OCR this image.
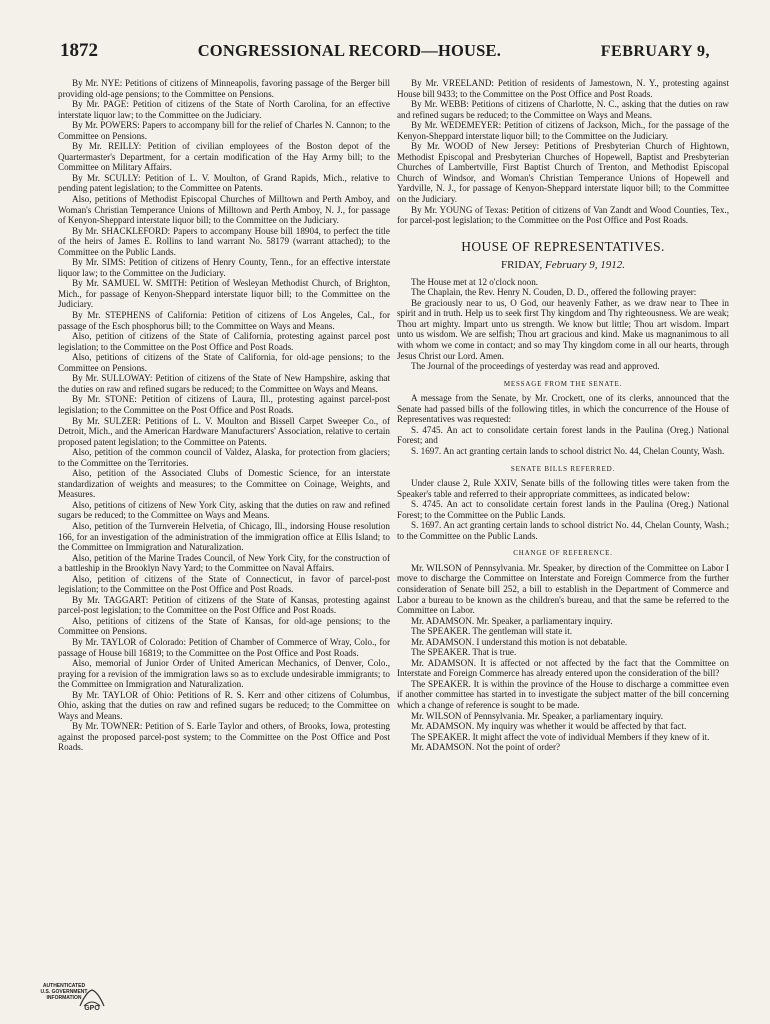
1872	CONGRESSIONAL RECORD—HOUSE.	FEBRUARY 9,

By Mr. NYE: Petitions of citizens of Minneapolis, favoring passage of the Berger bill providing old-age pensions; to the Committee on Pensions.

By Mr. PAGE: Petition of citizens of the State of North Carolina, for an effective interstate liquor law; to the Committee on the Judiciary.

By Mr. POWERS: Papers to accompany bill for the relief of Charles N. Cannon; to the Committee on Pensions.

By Mr. REILLY: Petition of civilian employees of the Boston depot of the Quartermaster's Department, for a certain modification of the Hay Army bill; to the Committee on Military Affairs.

By Mr. SCULLY: Petition of L. V. Moulton, of Grand Rapids, Mich., relative to pending patent legislation; to the Committee on Patents.

Also, petitions of Methodist Episcopal Churches of Milltown and Perth Amboy, and Woman's Christian Temperance Unions of Milltown and Perth Amboy, N. J., for passage of Kenyon-Sheppard interstate liquor bill; to the Committee on the Judiciary.

By Mr. SHACKLEFORD: Papers to accompany House bill 18904, to perfect the title of the heirs of James E. Rollins to land warrant No. 58179 (warrant attached); to the Committee on the Public Lands.

By Mr. SIMS: Petition of citizens of Henry County, Tenn., for an effective interstate liquor law; to the Committee on the Judiciary.

By Mr. SAMUEL W. SMITH: Petition of Wesleyan Methodist Church, of Brighton, Mich., for passage of Kenyon-Sheppard interstate liquor bill; to the Committee on the Judiciary.

By Mr. STEPHENS of California: Petition of citizens of Los Angeles, Cal., for passage of the Esch phosphorus bill; to the Committee on Ways and Means.

Also, petition of citizens of the State of California, protesting against parcel post legislation; to the Committee on the Post Office and Post Roads.

Also, petitions of citizens of the State of California, for old-age pensions; to the Committee on Pensions.

By Mr. SULLOWAY: Petition of citizens of the State of New Hampshire, asking that the duties on raw and refined sugars be reduced; to the Committee on Ways and Means.

By Mr. STONE: Petition of citizens of Laura, Ill., protesting against parcel-post legislation; to the Committee on the Post Office and Post Roads.

By Mr. SULZER: Petitions of L. V. Moulton and Bissell Carpet Sweeper Co., of Detroit, Mich., and the American Hardware Manufacturers' Association, relative to certain proposed patent legislation; to the Committee on Patents.

Also, petition of the common council of Valdez, Alaska, for protection from glaciers; to the Committee on the Territories.

Also, petition of the Associated Clubs of Domestic Science, for an interstate standardization of weights and measures; to the Committee on Coinage, Weights, and Measures.

Also, petitions of citizens of New York City, asking that the duties on raw and refined sugars be reduced; to the Committee on Ways and Means.

Also, petition of the Turnverein Helvetia, of Chicago, Ill., indorsing House resolution 166, for an investigation of the administration of the immigration office at Ellis Island; to the Committee on Immigration and Naturalization.

Also, petition of the Marine Trades Council, of New York City, for the construction of a battleship in the Brooklyn Navy Yard; to the Committee on Naval Affairs.

Also, petition of citizens of the State of Connecticut, in favor of parcel-post legislation; to the Committee on the Post Office and Post Roads.

By Mr. TAGGART: Petition of citizens of the State of Kansas, protesting against parcel-post legislation; to the Committee on the Post Office and Post Roads.

Also, petitions of citizens of the State of Kansas, for old-age pensions; to the Committee on Pensions.

By Mr. TAYLOR of Colorado: Petition of Chamber of Commerce of Wray, Colo., for passage of House bill 16819; to the Committee on the Post Office and Post Roads.

Also, memorial of Junior Order of United American Mechanics, of Denver, Colo., praying for a revision of the immigration laws so as to exclude undesirable immigrants; to the Committee on Immigration and Naturalization.

By Mr. TAYLOR of Ohio: Petitions of R. S. Kerr and other citizens of Columbus, Ohio, asking that the duties on raw and refined sugars be reduced; to the Committee on Ways and Means.

By Mr. TOWNER: Petition of S. Earle Taylor and others, of Brooks, Iowa, protesting against the proposed parcel-post system; to the Committee on the Post Office and Post Roads.

By Mr. VREELAND: Petition of residents of Jamestown, N. Y., protesting against House bill 9433; to the Committee on the Post Office and Post Roads.

By Mr. WEBB: Petitions of citizens of Charlotte, N. C., asking that the duties on raw and refined sugars be reduced; to the Committee on Ways and Means.

By Mr. WEDEMEYER: Petition of citizens of Jackson, Mich., for the passage of the Kenyon-Sheppard interstate liquor bill; to the Committee on the Judiciary.

By Mr. WOOD of New Jersey: Petitions of Presbyterian Church of Hightown, Methodist Episcopal and Presbyterian Churches of Hopewell, Baptist and Presbyterian Churches of Lambertville, First Baptist Church of Trenton, and Methodist Episcopal Church of Windsor, and Woman's Christian Temperance Unions of Hopewell and Yardville, N. J., for passage of Kenyon-Sheppard interstate liquor bill; to the Committee on the Judiciary.

By Mr. YOUNG of Texas: Petition of citizens of Van Zandt and Wood Counties, Tex., for parcel-post legislation; to the Committee on the Post Office and Post Roads.

HOUSE OF REPRESENTATIVES.
FRIDAY, February 9, 1912.

The House met at 12 o'clock noon.

The Chaplain, the Rev. Henry N. Couden, D. D., offered the following prayer:

Be graciously near to us, O God, our heavenly Father, as we draw near to Thee in spirit and in truth. Help us to seek first Thy kingdom and Thy righteousness. We are weak; Thou art mighty. Impart unto us strength. We know but little; Thou art wisdom. Impart unto us wisdom. We are selfish; Thou art gracious and kind. Make us magnanimous to all with whom we come in contact; and so may Thy kingdom come in all our hearts, through Jesus Christ our Lord. Amen.

The Journal of the proceedings of yesterday was read and approved.

MESSAGE FROM THE SENATE.

A message from the Senate, by Mr. Crockett, one of its clerks, announced that the Senate had passed bills of the following titles, in which the concurrence of the House of Representatives was requested:

S. 4745. An act to consolidate certain forest lands in the Paulina (Oreg.) National Forest; and

S. 1697. An act granting certain lands to school district No. 44, Chelan County, Wash.

SENATE BILLS REFERRED.

Under clause 2, Rule XXIV, Senate bills of the following titles were taken from the Speaker's table and referred to their appropriate committees, as indicated below:

S. 4745. An act to consolidate certain forest lands in the Paulina (Oreg.) National Forest; to the Committee on the Public Lands.

S. 1697. An act granting certain lands to school district No. 44, Chelan County, Wash.; to the Committee on the Public Lands.

CHANGE OF REFERENCE.

Mr. WILSON of Pennsylvania. Mr. Speaker, by direction of the Committee on Labor I move to discharge the Committee on Interstate and Foreign Commerce from the further consideration of Senate bill 252, a bill to establish in the Department of Commerce and Labor a bureau to be known as the children's bureau, and that the same be referred to the Committee on Labor.

Mr. ADAMSON. Mr. Speaker, a parliamentary inquiry.

The SPEAKER. The gentleman will state it.

Mr. ADAMSON. I understand this motion is not debatable.

The SPEAKER. That is true.

Mr. ADAMSON. It is affected or not affected by the fact that the Committee on Interstate and Foreign Commerce has already entered upon the consideration of the bill?

The SPEAKER. It is within the province of the House to discharge a committee even if another committee has started in to investigate the subject matter of the bill concerning which a change of reference is sought to be made.

Mr. WILSON of Pennsylvania. Mr. Speaker, a parliamentary inquiry.

Mr. ADAMSON. My inquiry was whether it would be affected by that fact.

The SPEAKER. It might affect the vote of individual Members if they knew of it.

Mr. ADAMSON. Not the point of order?

AUTHENTICATED
U.S. GOVERNMENT
INFORMATION
GPO
